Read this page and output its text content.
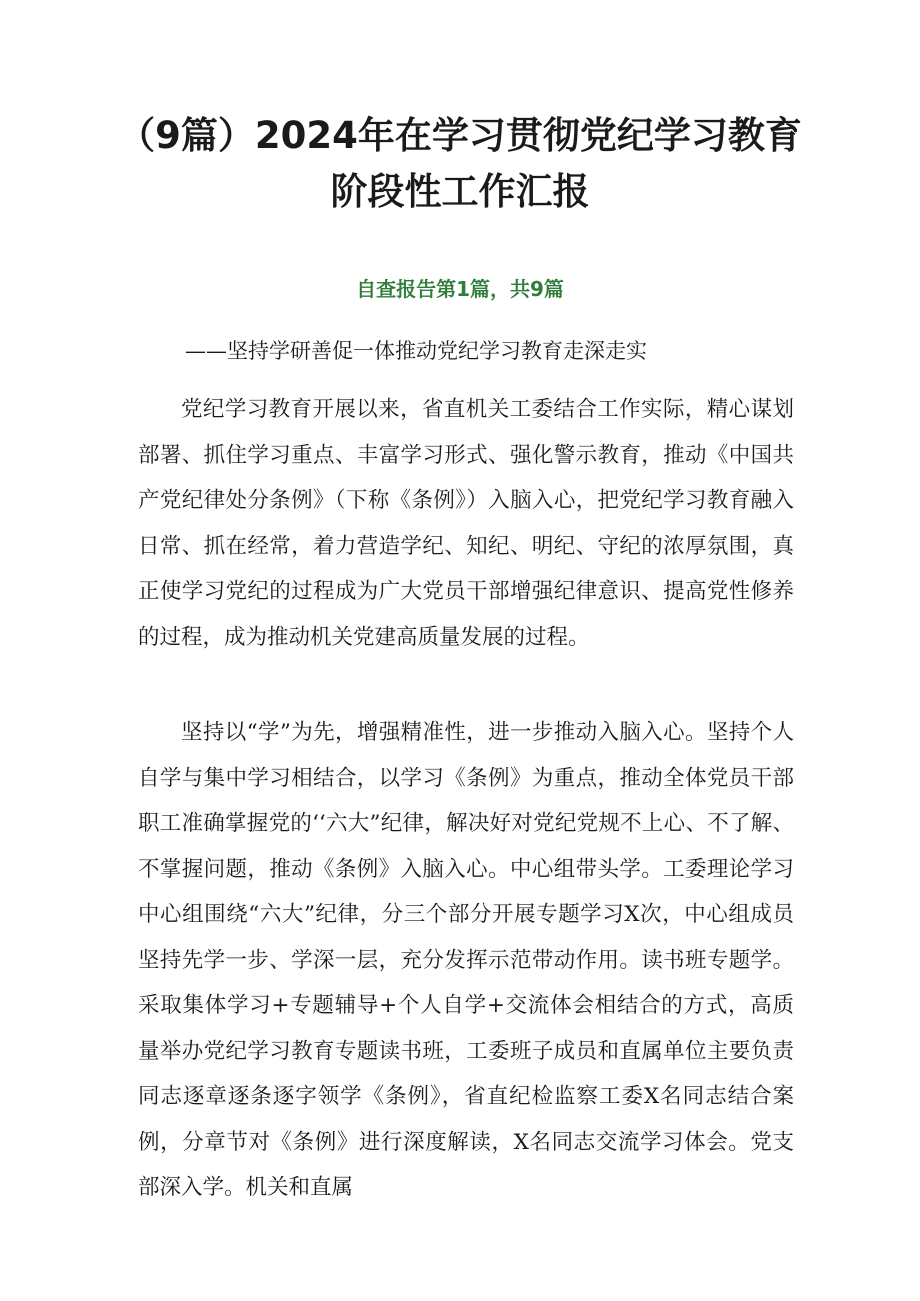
（9篇）2024年在学习贯彻党纪学习教育
阶段性工作汇报
自查报告第1篇，共9篇

——坚持学研善促一体推动党纪学习教育走深走实

党纪学习教育开展以来，省直机关工委结合工作实际，精心谋划部署、抓住学习重点、丰富学习形式、强化警示教育，推动《中国共产党纪律处分条例》（下称《条例》）入脑入心，把党纪学习教育融入日常、抓在经常，着力营造学纪、知纪、明纪、守纪的浓厚氛围，真正使学习党纪的过程成为广大党员干部增强纪律意识、提高党性修养的过程，成为推动机关党建高质量发展的过程。

坚持以“学”为先，增强精准性，进一步推动入脑入心。坚持个人自学与集中学习相结合，以学习《条例》为重点，推动全体党员干部职工准确掌握党的‘‘六大”纪律，解决好对党纪党规不上心、不了解、不掌握问题，推动《条例》入脑入心。中心组带头学。工委理论学习中心组围绕“六大”纪律，分三个部分开展专题学习X次，中心组成员坚持先学一步、学深一层，充分发挥示范带动作用。读书班专题学。采取集体学习+专题辅导+个人自学+交流体会相结合的方式，高质量举办党纪学习教育专题读书班，工委班子成员和直属单位主要负责同志逐章逐条逐字领学《条例》，省直纪检监察工委X名同志结合案例，分章节对《条例》进行深度解读，X名同志交流学习体会。党支部深入学。机关和直属
